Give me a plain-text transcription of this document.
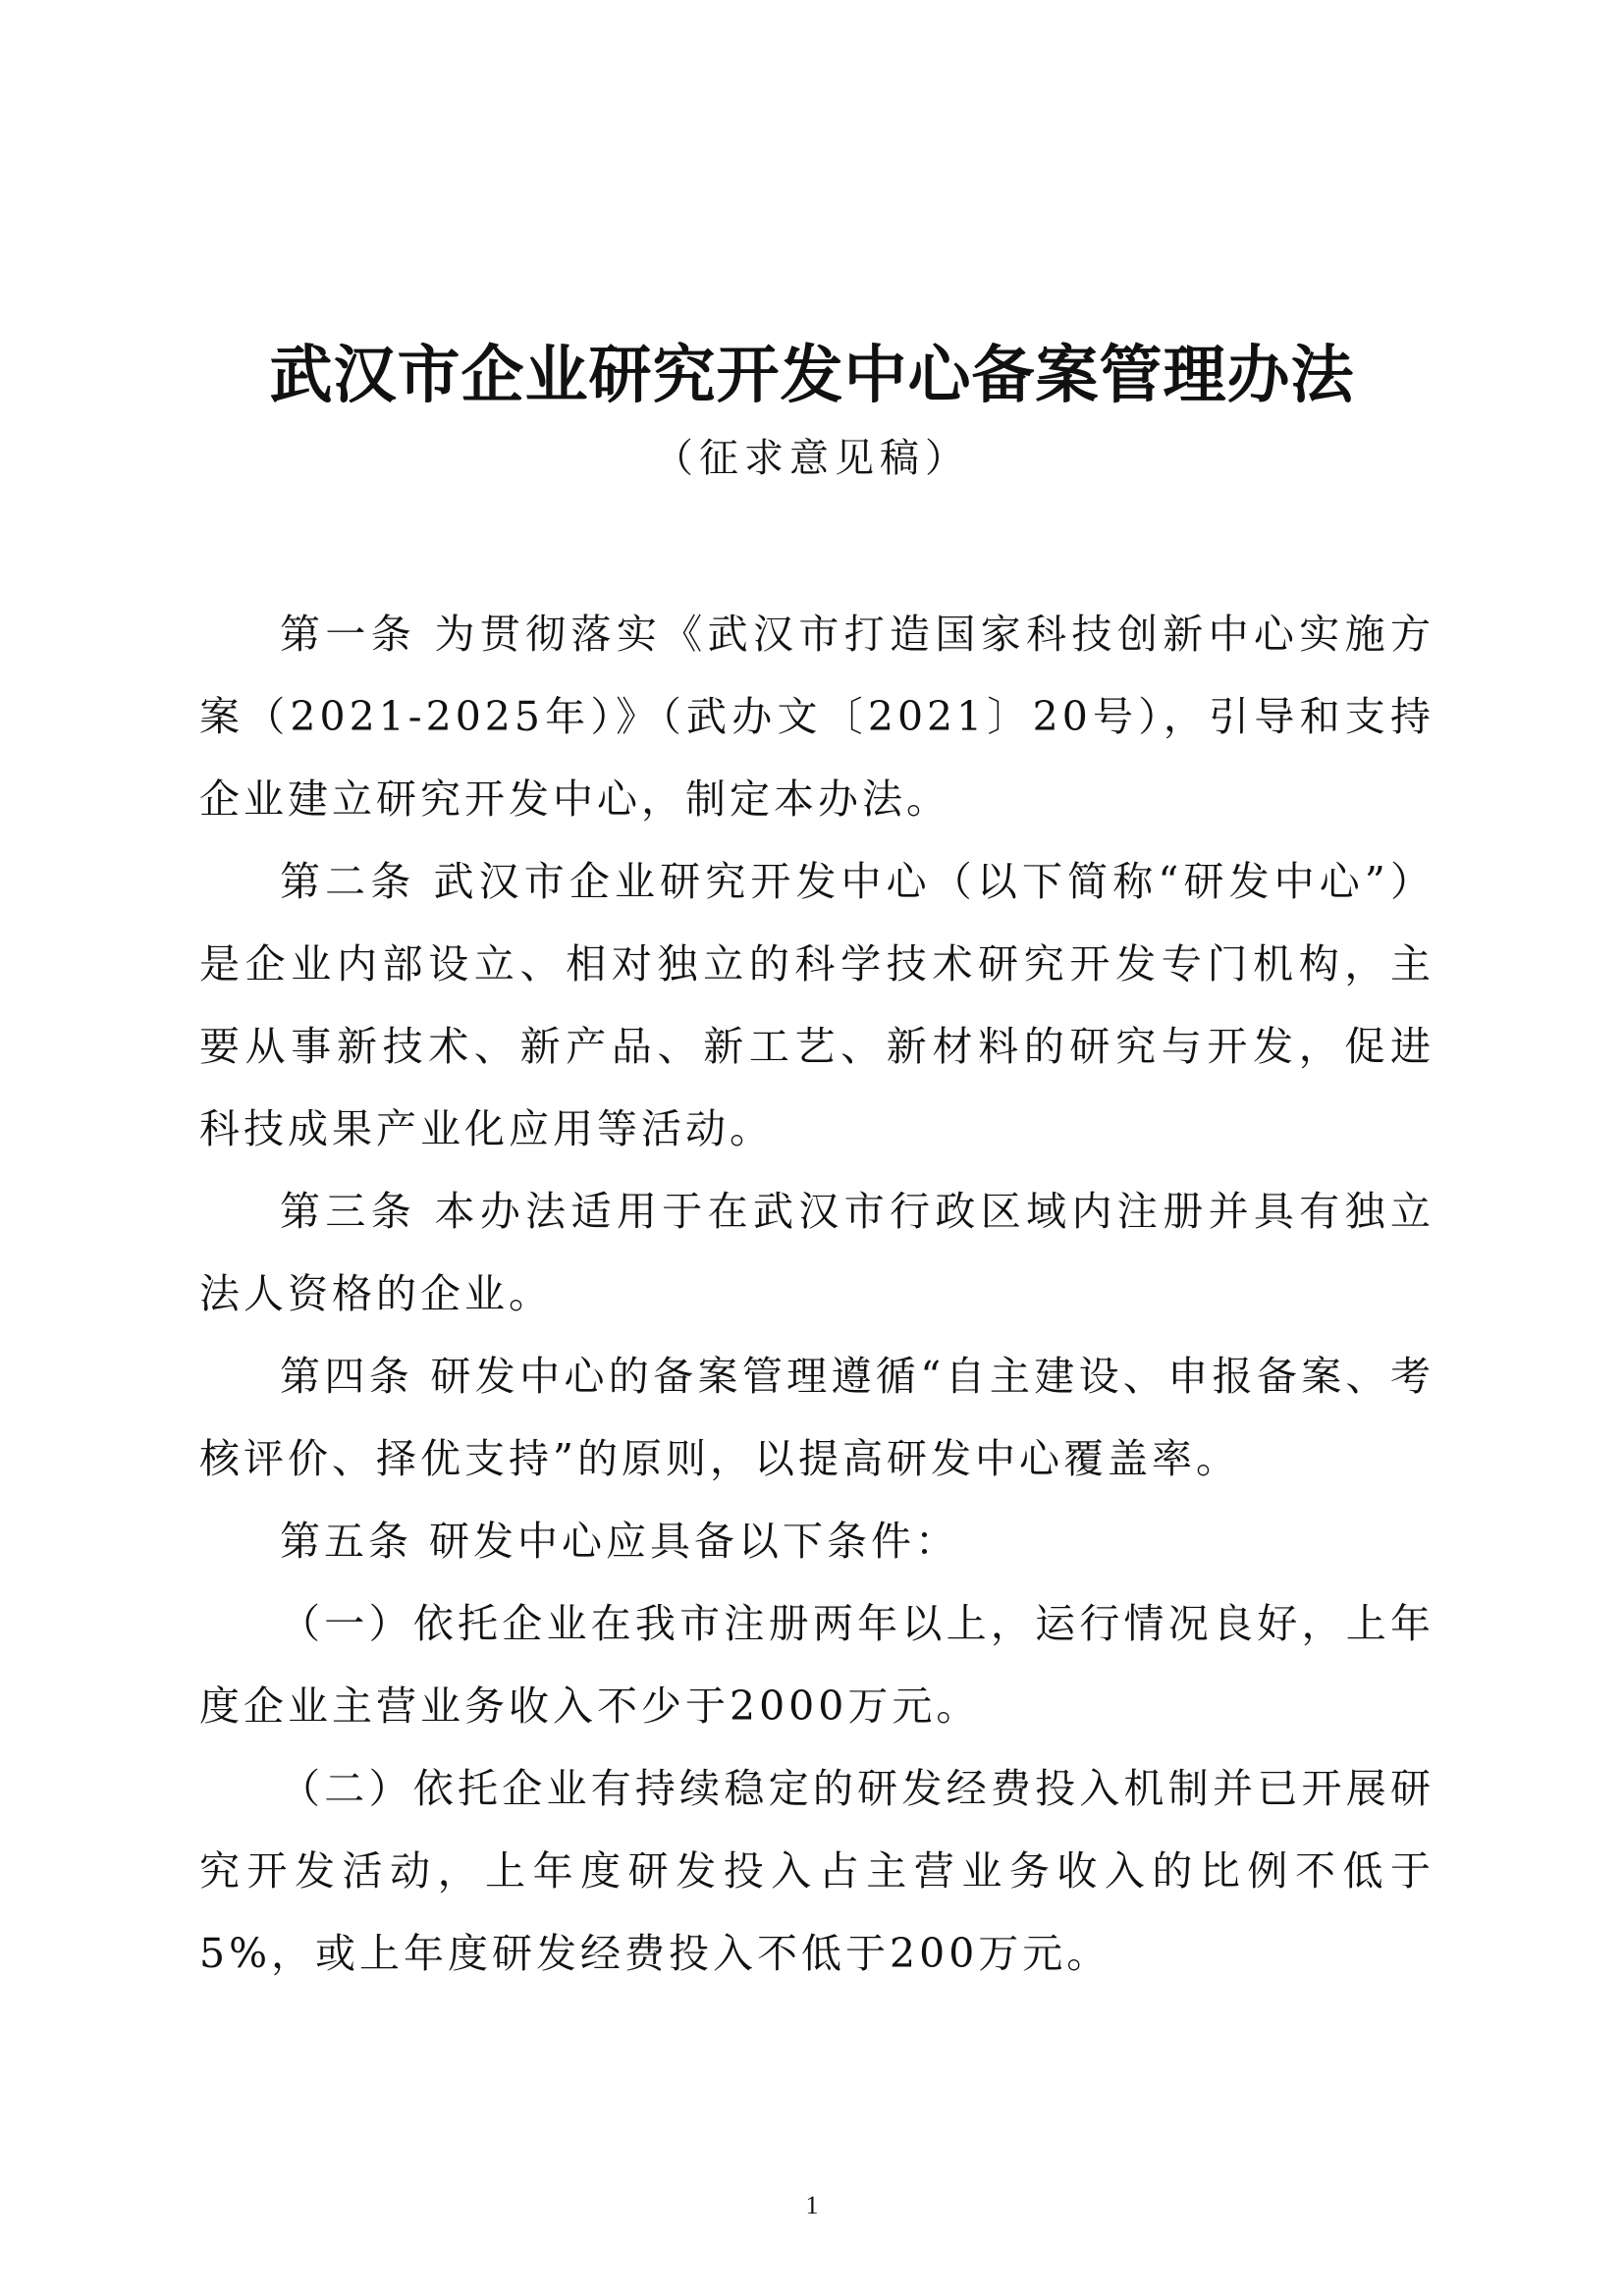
武汉市企业研究开发中心备案管理办法
（征求意见稿）

第一条 为贯彻落实《武汉市打造国家科技创新中心实施方案（2021-2025年）》（武办文〔2021〕20号），引导和支持企业建立研究开发中心，制定本办法。

第二条 武汉市企业研究开发中心（以下简称“研发中心”）是企业内部设立、相对独立的科学技术研究开发专门机构，主要从事新技术、新产品、新工艺、新材料的研究与开发，促进科技成果产业化应用等活动。

第三条 本办法适用于在武汉市行政区域内注册并具有独立法人资格的企业。

第四条 研发中心的备案管理遵循“自主建设、申报备案、考核评价、择优支持”的原则，以提高研发中心覆盖率。

第五条 研发中心应具备以下条件：

（一）依托企业在我市注册两年以上，运行情况良好，上年度企业主营业务收入不少于2000万元。

（二）依托企业有持续稳定的研发经费投入机制并已开展研究开发活动，上年度研发投入占主营业务收入的比例不低于5%，或上年度研发经费投入不低于200万元。

1
